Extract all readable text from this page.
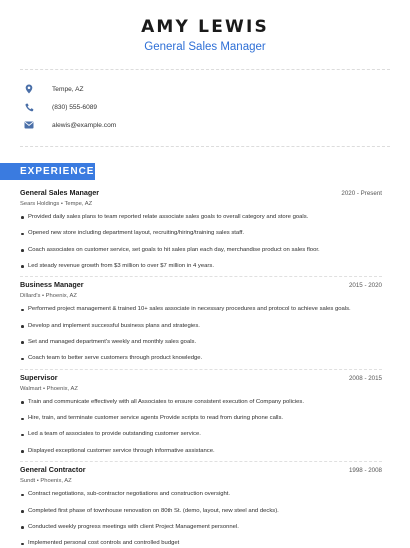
AMY LEWIS
General Sales Manager
Tempe, AZ
(830) 555-6089
alewis@example.com
EXPERIENCE
General Sales Manager	2020 - Present
Sears Holdings • Tempe, AZ
Provided daily sales plans to team reported relate associate sales goals to overall category and store goals.
Opened new store including department layout, recruiting/hiring/training sales staff.
Coach associates on customer service, set goals to hit sales plan each day, merchandise product on sales floor.
Led steady revenue growth from $3 million to over $7 million in 4 years.
Business Manager	2015 - 2020
Dillard's • Phoenix, AZ
Performed project management & trained 10+ sales associate in necessary procedures and protocol to achieve sales goals.
Develop and implement successful business plans and strategies.
Set and managed department's weekly and monthly sales goals.
Coach team to better serve customers through product knowledge.
Supervisor	2008 - 2015
Walmart • Phoenix, AZ
Train and communicate effectively with all Associates to ensure consistent execution of Company policies.
Hire, train, and terminate customer service agents Provide scripts to read from during phone calls.
Led a team of associates to provide outstanding customer service.
Displayed exceptional customer service through informative assistance.
General Contractor	1998 - 2008
Sundt • Phoenix, AZ
Contract negotiations, sub-contractor negotiations and construction oversight.
Completed first phase of townhouse renovation on 80th St. (demo, layout, new steel and decks).
Conducted weekly progress meetings with client Project Management personnel.
Implemented personal cost controls and controlled budget
